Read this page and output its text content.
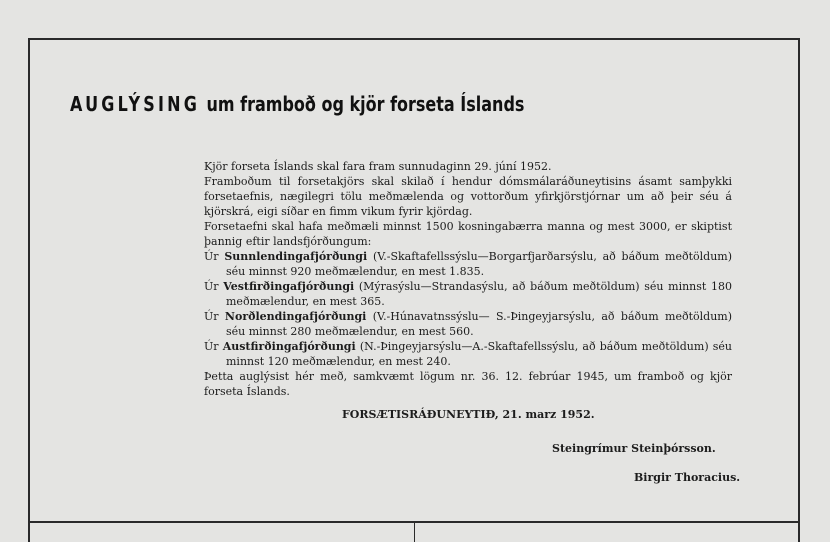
AUGLÝSING um framboð og kjör forseta Íslands

Kjör forseta Íslands skal fara fram sunnudaginn 29. júní 1952.

Framboðum til forsetakjörs skal skilað í hendur dómsmálaráðuneytisins ásamt samþykki forsetaefnis, nægilegri tölu meðmælenda og vottorðum yfirkjörstjórnar um að þeir séu á kjörskrá, eigi síðar en fimm vikum fyrir kjördag.

Forsetaefni skal hafa meðmæli minnst 1500 kosningabærra manna og mest 3000, er skiptist þannig eftir landsfjórðungum:

Úr Sunnlendingafjórðungi (V.-Skaftafellssýslu—Borgarfjarðarsýslu, að báðum meðtöldum) séu minnst 920 meðmælendur, en mest 1.835.

Úr Vestfirðingafjórðungi (Mýrasýslu—Strandasýslu, að báðum meðtöldum) séu minnst 180 meðmælendur, en mest 365.

Úr Norðlendingafjórðungi (V.-Húnavatnssýslu— S.-Þingeyjarsýslu, að báðum meðtöldum) séu minnst 280 meðmælendur, en mest 560.

Úr Austfirðingafjórðungi (N.-Þingeyjarsýslu—A.-Skaftafellssýslu, að báðum meðtöldum) séu minnst 120 meðmælendur, en mest 240.

Þetta auglýsist hér með, samkvæmt lögum nr. 36. 12. febrúar 1945, um framboð og kjör forseta Íslands.

FORSÆTISRÁÐUNEYTIÐ, 21. marz 1952.
Steingrímur Steinþórsson.
Birgir Thoracius.
